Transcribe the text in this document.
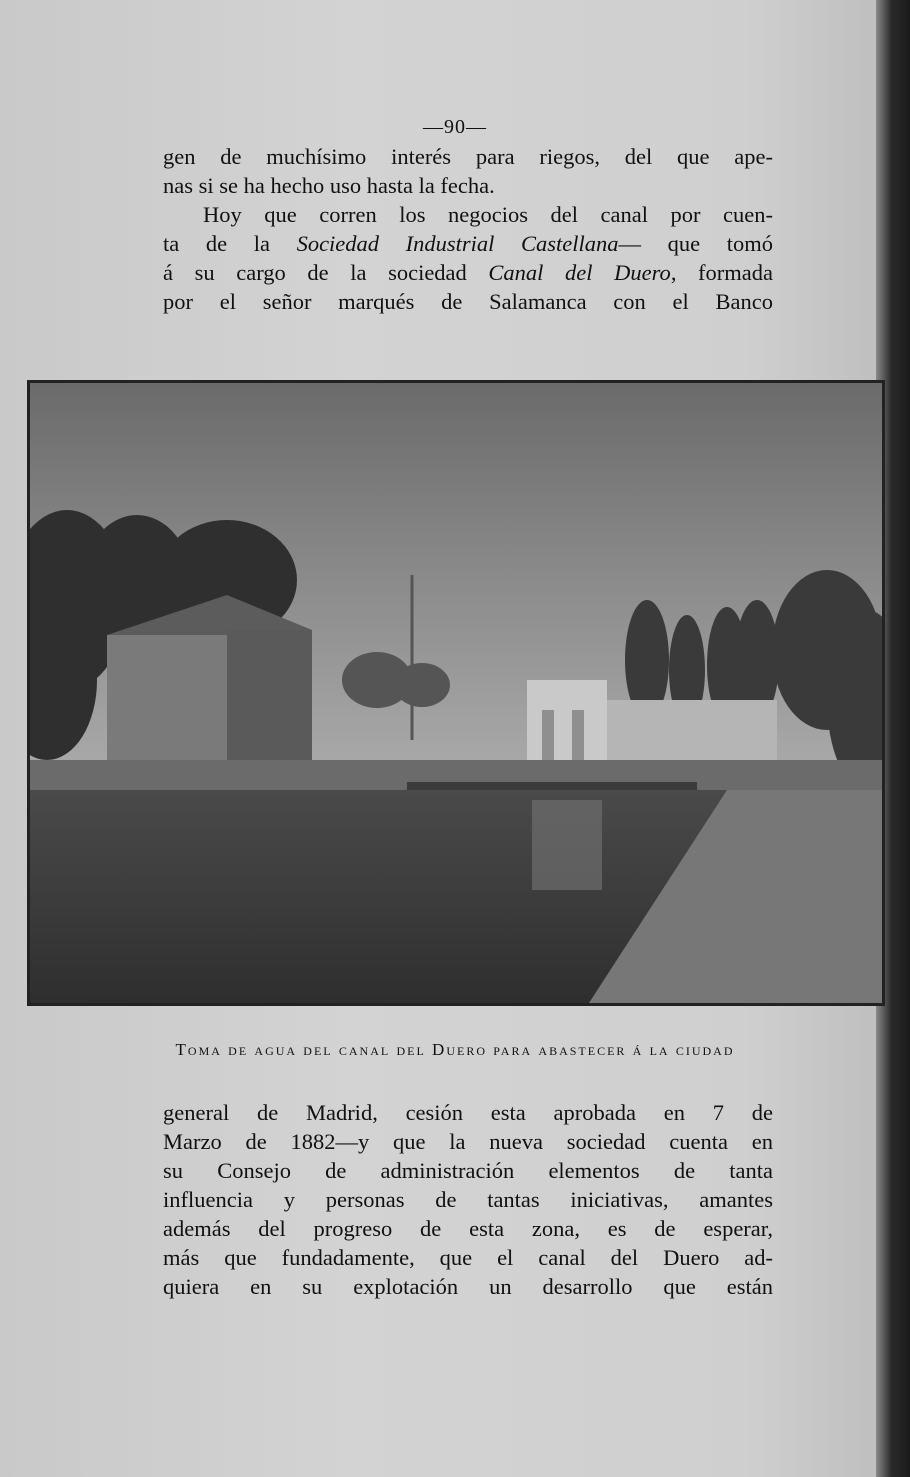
—90—
gen de muchísimo interés para riegos, del que ape-
nas si se ha hecho uso hasta la fecha.
Hoy que corren los negocios del canal por cuen-
ta de la Sociedad Industrial Castellana— que tomó
á su cargo de la sociedad Canal del Duero, formada
por el señor marqués de Salamanca con el Banco
Toma de agua del canal del Duero para abastecer á la ciudad
general de Madrid, cesión esta aprobada en 7 de
Marzo de 1882—y que la nueva sociedad cuenta en
su Consejo de administración elementos de tanta
influencia y personas de tantas iniciativas, amantes
además del progreso de esta zona, es de esperar,
más que fundadamente, que el canal del Duero ad-
quiera en su explotación un desarrollo que están
